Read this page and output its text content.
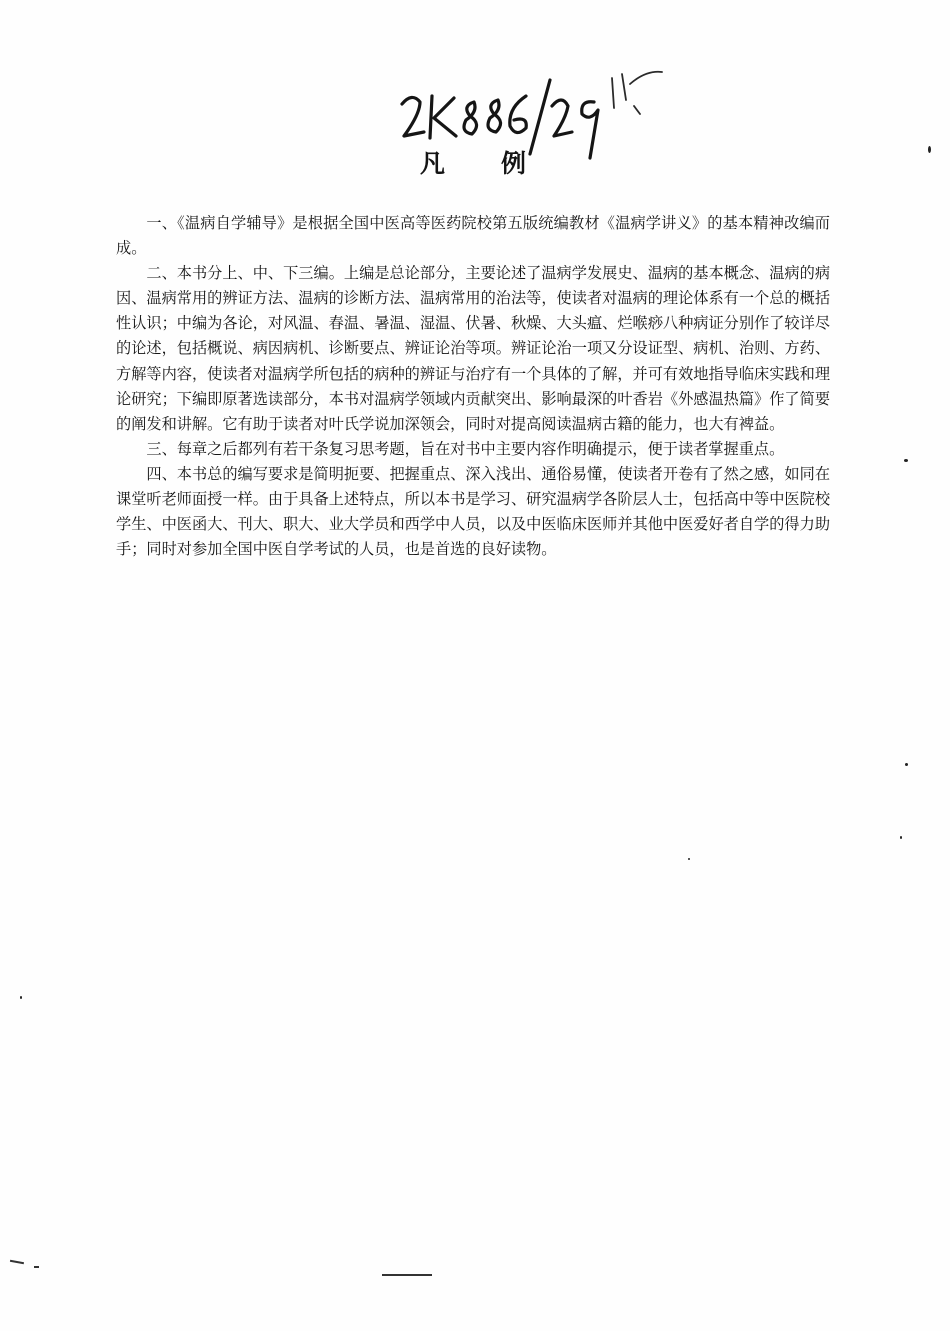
凡例

一、《温病自学辅导》是根据全国中医高等医药院校第五版统编教材《温病学讲义》的基本精神改编而成。

二、本书分上、中、下三编。上编是总论部分，主要论述了温病学发展史、温病的基本概念、温病的病因、温病常用的辨证方法、温病的诊断方法、温病常用的治法等，使读者对温病的理论体系有一个总的概括性认识；中编为各论，对风温、春温、暑温、湿温、伏暑、秋燥、大头瘟、烂喉痧八种病证分别作了较详尽的论述，包括概说、病因病机、诊断要点、辨证论治等项。辨证论治一项又分设证型、病机、治则、方药、方解等内容，使读者对温病学所包括的病种的辨证与治疗有一个具体的了解，并可有效地指导临床实践和理论研究；下编即原著选读部分，本书对温病学领域内贡献突出、影响最深的叶香岩《外感温热篇》作了简要的阐发和讲解。它有助于读者对叶氏学说加深领会，同时对提高阅读温病古籍的能力，也大有裨益。

三、每章之后都列有若干条复习思考题，旨在对书中主要内容作明确提示，便于读者掌握重点。

四、本书总的编写要求是简明扼要、把握重点、深入浅出、通俗易懂，使读者开卷有了然之感，如同在课堂听老师面授一样。由于具备上述特点，所以本书是学习、研究温病学各阶层人士，包括高中等中医院校学生、中医函大、刊大、职大、业大学员和西学中人员，以及中医临床医师并其他中医爱好者自学的得力助手；同时对参加全国中医自学考试的人员，也是首选的良好读物。
